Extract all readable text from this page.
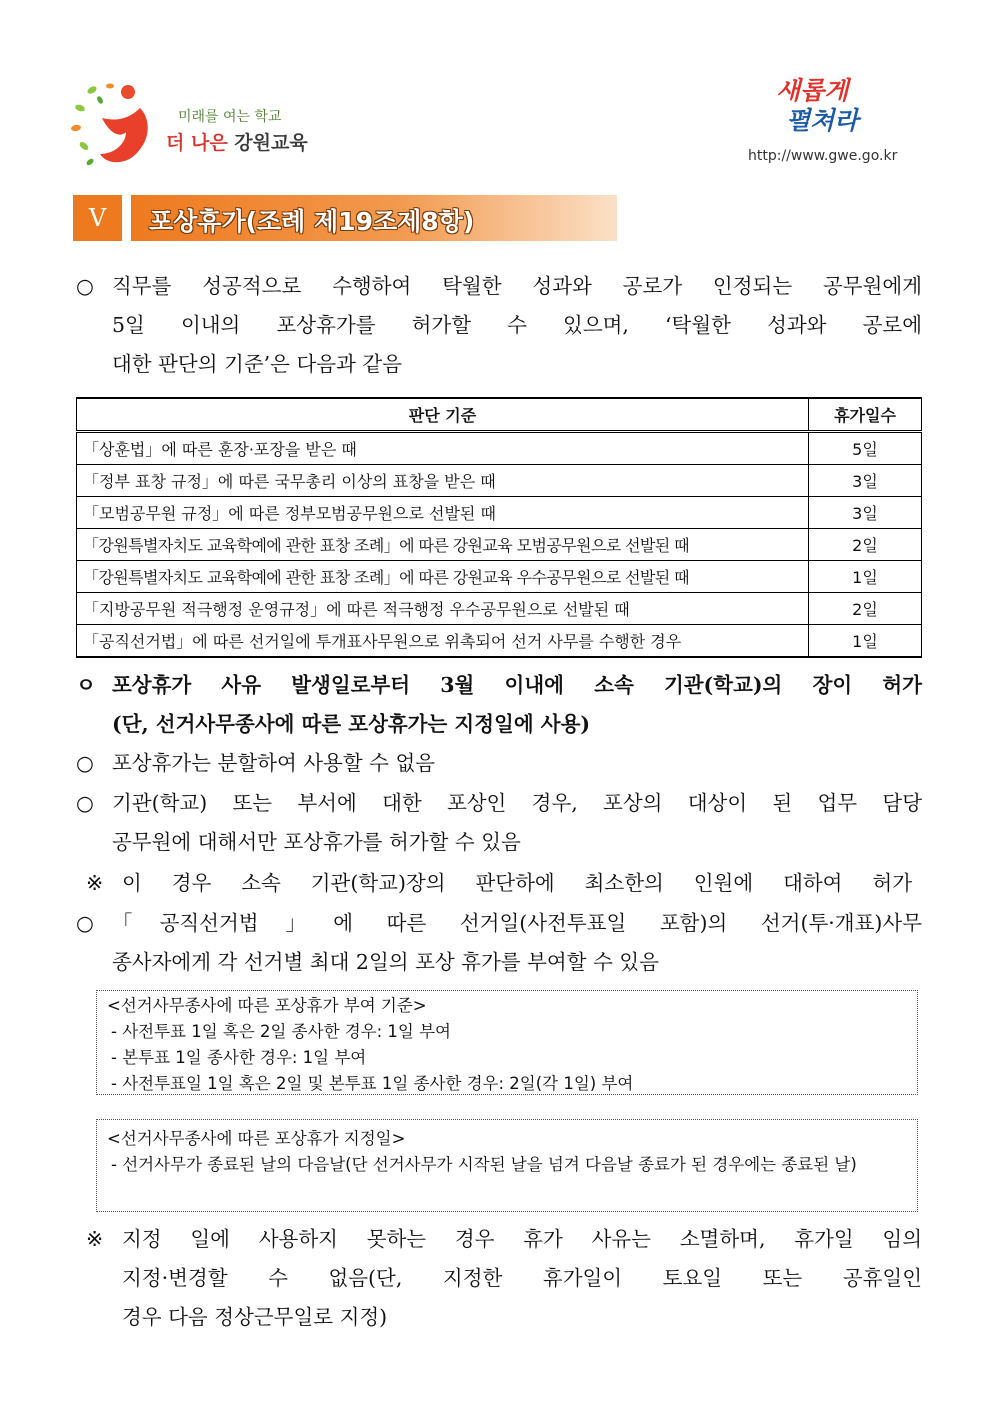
미래를 여는 학교
더 나은 강원교육
새롭게
펼쳐라
http://www.gwe.go.kr
Ⅴ	포상휴가(조례 제19조제8항)
○ 직무를 성공적으로 수행하여 탁월한 성과와 공로가 인정되는 공무원에게
5일 이내의 포상휴가를 허가할 수 있으며, ‘탁월한 성과와 공로에
대한 판단의 기준’은 다음과 같음
판단 기준	휴가일수
「상훈법」에 따른 훈장·포장을 받은 때	5일
「정부 표창 규정」에 따른 국무총리 이상의 표창을 받은 때	3일
「모범공무원 규정」에 따른 정부모범공무원으로 선발된 때	3일
「강원특별자치도 교육학예에 관한 표창 조례」에 따른 강원교육 모범공무원으로 선발된 때	2일
「강원특별자치도 교육학예에 관한 표창 조례」에 따른 강원교육 우수공무원으로 선발된 때	1일
「지방공무원 적극행정 운영규정」에 따른 적극행정 우수공무원으로 선발된 때	2일
「공직선거법」에 따른 선거일에 투개표사무원으로 위촉되어 선거 사무를 수행한 경우	1일
ㅇ 포상휴가 사유 발생일로부터 3월 이내에 소속 기관(학교)의 장이 허가
(단, 선거사무종사에 따른 포상휴가는 지정일에 사용)
○ 포상휴가는 분할하여 사용할 수 없음
○ 기관(학교) 또는 부서에 대한 포상인 경우, 포상의 대상이 된 업무 담당
공무원에 대해서만 포상휴가를 허가할 수 있음
※ 이 경우 소속 기관(학교)장의 판단하에 최소한의 인원에 대하여 허가
○ 「공직선거법」에 따른 선거일(사전투표일 포함)의 선거(투·개표)사무
종사자에게 각 선거별 최대 2일의 포상 휴가를 부여할 수 있음
<선거사무종사에 따른 포상휴가 부여 기준>
- 사전투표 1일 혹은 2일 종사한 경우: 1일 부여
- 본투표 1일 종사한 경우: 1일 부여
- 사전투표일 1일 혹은 2일 및 본투표 1일 종사한 경우: 2일(각 1일) 부여
<선거사무종사에 따른 포상휴가 지정일>
- 선거사무가 종료된 날의 다음날(단 선거사무가 시작된 날을 넘겨 다음날 종료가 된 경우에는 종료된 날)
※ 지정 일에 사용하지 못하는 경우 휴가 사유는 소멸하며, 휴가일 임의
지정·변경할 수 없음(단, 지정한 휴가일이 토요일 또는 공휴일인
경우 다음 정상근무일로 지정)
